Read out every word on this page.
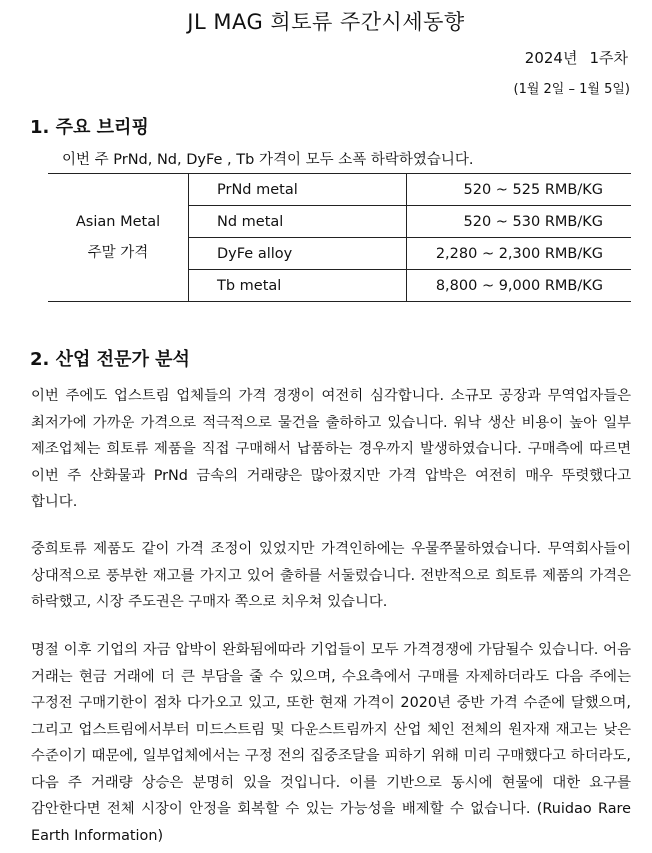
JL MAG 희토류 주간시세동향
2024년 1주차
(1월 2일 – 1월 5일)
1. 주요 브리핑
이번 주 PrNd, Nd, DyFe , Tb 가격이 모두 소폭 하락하였습니다.
Asian Metal
주말 가격	PrNd metal	520 ~ 525 RMB/KG
	Nd metal	520 ~ 530 RMB/KG
	DyFe alloy	2,280 ~ 2,300 RMB/KG
	Tb metal	8,800 ~ 9,000 RMB/KG
2. 산업 전문가 분석
이번 주에도 업스트림 업체들의 가격 경쟁이 여전히 심각합니다. 소규모 공장과 무역업자들은 최저가에 가까운 가격으로 적극적으로 물건을 출하하고 있습니다. 워낙 생산 비용이 높아 일부 제조업체는 희토류 제품을 직접 구매해서 납품하는 경우까지 발생하였습니다. 구매측에 따르면 이번 주 산화물과 PrNd 금속의 거래량은 많아졌지만 가격 압박은 여전히 매우 뚜렷했다고 합니다.
중희토류 제품도 같이 가격 조정이 있었지만 가격인하에는 우물쭈물하였습니다. 무역회사들이 상대적으로 풍부한 재고를 가지고 있어 출하를 서둘렀습니다. 전반적으로 희토류 제품의 가격은 하락했고, 시장 주도권은 구매자 쪽으로 치우쳐 있습니다.
명절 이후 기업의 자금 압박이 완화됨에따라 기업들이 모두 가격경쟁에 가담될수 있습니다. 어음 거래는 현금 거래에 더 큰 부담을 줄 수 있으며, 수요측에서 구매를 자제하더라도 다음 주에는 구정전 구매기한이 점차 다가오고 있고, 또한 현재 가격이 2020년 중반 가격 수준에 달했으며, 그리고 업스트림에서부터 미드스트림 및 다운스트림까지 산업 체인 전체의 원자재 재고는 낮은 수준이기 때문에, 일부업체에서는 구정 전의 집중조달을 피하기 위해 미리 구매했다고 하더라도, 다음 주 거래량 상승은 분명히 있을 것입니다. 이를 기반으로 동시에 현물에 대한 요구를 감안한다면 전체 시장이 안정을 회복할 수 있는 가능성을 배제할 수 없습니다. (Ruidao Rare Earth Information)
